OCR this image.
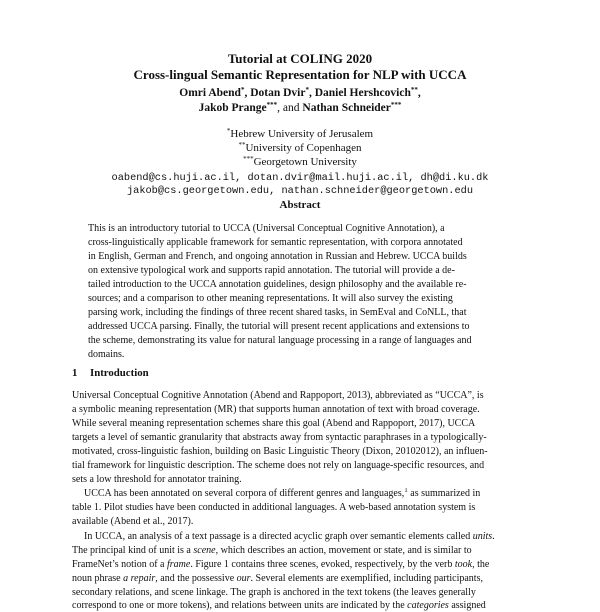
Tutorial at COLING 2020
Cross-lingual Semantic Representation for NLP with UCCA
Omri Abend*, Dotan Dvir*, Daniel Hershcovich**,
Jakob Prange***, and Nathan Schneider***
*Hebrew University of Jerusalem
**University of Copenhagen
***Georgetown University
oabend@cs.huji.ac.il, dotan.dvir@mail.huji.ac.il, dh@di.ku.dk
jakob@cs.georgetown.edu, nathan.schneider@georgetown.edu
Abstract
This is an introductory tutorial to UCCA (Universal Conceptual Cognitive Annotation), a
cross-linguistically applicable framework for semantic representation, with corpora annotated
in English, German and French, and ongoing annotation in Russian and Hebrew. UCCA builds
on extensive typological work and supports rapid annotation. The tutorial will provide a de-
tailed introduction to the UCCA annotation guidelines, design philosophy and the available re-
sources; and a comparison to other meaning representations. It will also survey the existing
parsing work, including the findings of three recent shared tasks, in SemEval and CoNLL, that
addressed UCCA parsing. Finally, the tutorial will present recent applications and extensions to
the scheme, demonstrating its value for natural language processing in a range of languages and
domains.
1 Introduction
Universal Conceptual Cognitive Annotation (Abend and Rappoport, 2013), abbreviated as “UCCA”, is
a symbolic meaning representation (MR) that supports human annotation of text with broad coverage.
While several meaning representation schemes share this goal (Abend and Rappoport, 2017), UCCA
targets a level of semantic granularity that abstracts away from syntactic paraphrases in a typologically-
motivated, cross-linguistic fashion, building on Basic Linguistic Theory (Dixon, 20102012), an influen-
tial framework for linguistic description. The scheme does not rely on language-specific resources, and
sets a low threshold for annotator training.
UCCA has been annotated on several corpora of different genres and languages,$^1$ as summarized in
table 1. Pilot studies have been conducted in additional languages. A web-based annotation system is
available (Abend et al., 2017).
In UCCA, an analysis of a text passage is a directed acyclic graph over semantic elements called units.
The principal kind of unit is a scene, which describes an action, movement or state, and is similar to
FrameNet’s notion of a frame. Figure 1 contains three scenes, evoked, respectively, by the verb took, the
noun phrase a repair, and the possessive our. Several elements are exemplified, including participants,
secondary relations, and scene linkage. The graph is anchored in the text tokens (the leaves generally
correspond to one or more tokens), and relations between units are indicated by the categories assigned
